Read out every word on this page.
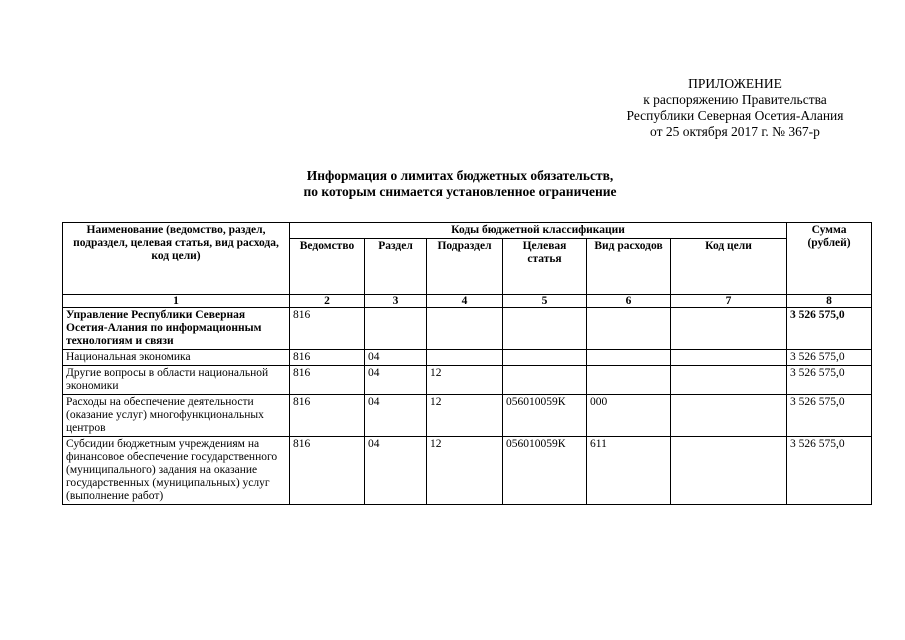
ПРИЛОЖЕНИЕ
к распоряжению Правительства
Республики Северная Осетия-Алания
от 25 октября 2017 г. № 367-р
Информация о лимитах бюджетных обязательств,
по которым снимается установленное ограничение
Наименование (ведомство, раздел, подраздел, целевая статья, вид расхода, код цели)	Коды бюджетной классификации						Сумма (рублей)
	Ведомство	Раздел	Подраздел	Целевая статья	Вид расходов	Код цели	
1	2	3	4	5	6	7	8
Управление Республики Северная Осетия-Алания по информационным технологиям и связи	816						3 526 575,0
Национальная экономика	816	04					3 526 575,0
Другие вопросы в области национальной экономики	816	04	12				3 526 575,0
Расходы на обеспечение деятельности (оказание услуг) многофункциональных центров	816	04	12	056010059К	000		3 526 575,0
Субсидии бюджетным учреждениям на финансовое обеспечение государственного (муниципального) задания на оказание государственных (муниципальных) услуг (выполнение работ)	816	04	12	056010059К	611		3 526 575,0
